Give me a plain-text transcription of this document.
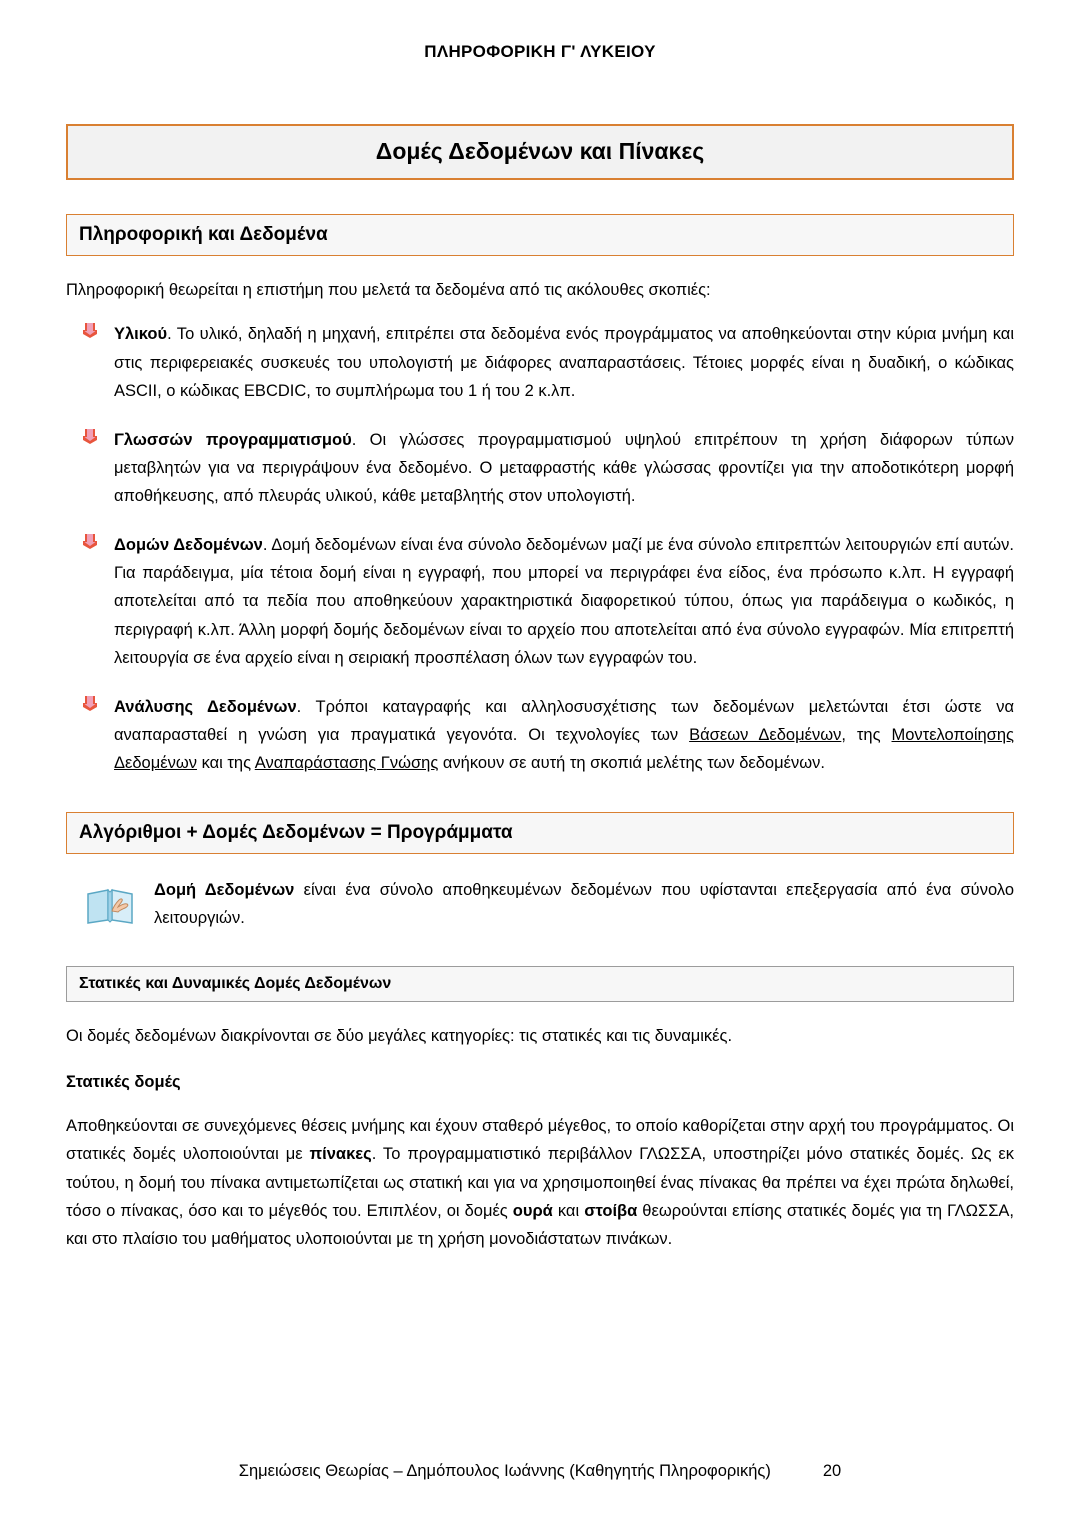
ΠΛΗΡΟΦΟΡΙΚΗ Γ' ΛΥΚΕΙΟΥ
Δομές Δεδομένων και Πίνακες
Πληροφορική και Δεδομένα

Πληροφορική θεωρείται η επιστήμη που μελετά τα δεδομένα από τις ακόλουθες σκοπιές:

Υλικού. Το υλικό, δηλαδή η μηχανή, επιτρέπει στα δεδομένα ενός προγράμματος να αποθηκεύονται στην κύρια μνήμη και στις περιφερειακές συσκευές του υπολογιστή με διάφορες αναπαραστάσεις. Τέτοιες μορφές είναι η δυαδική, ο κώδικας ASCII, ο κώδικας EBCDIC, το συμπλήρωμα του 1 ή του 2 κ.λπ.
Γλωσσών προγραμματισμού. Οι γλώσσες προγραμματισμού υψηλού επιτρέπουν τη χρήση διάφορων τύπων μεταβλητών για να περιγράψουν ένα δεδομένο. Ο μεταφραστής κάθε γλώσσας φροντίζει για την αποδοτικότερη μορφή αποθήκευσης, από πλευράς υλικού, κάθε μεταβλητής στον υπολογιστή.
Δομών Δεδομένων. Δομή δεδομένων είναι ένα σύνολο δεδομένων μαζί με ένα σύνολο επιτρεπτών λειτουργιών επί αυτών. Για παράδειγμα, μία τέτοια δομή είναι η εγγραφή, που μπορεί να περιγράφει ένα είδος, ένα πρόσωπο κ.λπ. Η εγγραφή αποτελείται από τα πεδία που αποθηκεύουν χαρακτηριστικά διαφορετικού τύπου, όπως για παράδειγμα ο κωδικός, η περιγραφή κ.λπ. Άλλη μορφή δομής δεδομένων είναι το αρχείο που αποτελείται από ένα σύνολο εγγραφών. Μία επιτρεπτή λειτουργία σε ένα αρχείο είναι η σειριακή προσπέλαση όλων των εγγραφών του.
Ανάλυσης Δεδομένων. Τρόποι καταγραφής και αλληλοσυσχέτισης των δεδομένων μελετώνται έτσι ώστε να αναπαρασταθεί η γνώση για πραγματικά γεγονότα. Οι τεχνολογίες των Βάσεων Δεδομένων, της Μοντελοποίησης Δεδομένων και της Αναπαράστασης Γνώσης ανήκουν σε αυτή τη σκοπιά μελέτης των δεδομένων.
Αλγόριθμοι + Δομές Δεδομένων = Προγράμματα
Δομή Δεδομένων είναι ένα σύνολο αποθηκευμένων δεδομένων που υφίστανται επεξεργασία από ένα σύνολο λειτουργιών.
Στατικές και Δυναμικές Δομές Δεδομένων

Οι δομές δεδομένων διακρίνονται σε δύο μεγάλες κατηγορίες: τις στατικές και τις δυναμικές.

Στατικές δομές

Αποθηκεύονται σε συνεχόμενες θέσεις μνήμης και έχουν σταθερό μέγεθος, το οποίο καθορίζεται στην αρχή του προγράμματος. Οι στατικές δομές υλοποιούνται με πίνακες. Το προγραμματιστικό περιβάλλον ΓΛΩΣΣΑ, υποστηρίζει μόνο στατικές δομές. Ως εκ τούτου, η δομή του πίνακα αντιμετωπίζεται ως στατική και για να χρησιμοποιηθεί ένας πίνακας θα πρέπει να έχει πρώτα δηλωθεί, τόσο ο πίνακας, όσο και το μέγεθός του. Επιπλέον, οι δομές ουρά και στοίβα θεωρούνται επίσης στατικές δομές για τη ΓΛΩΣΣΑ, και στο πλαίσιο του μαθήματος υλοποιούνται με τη χρήση μονοδιάστατων πινάκων.

Σημειώσεις Θεωρίας – Δημόπουλος Ιωάννης (Καθηγητής Πληροφορικής)	20
